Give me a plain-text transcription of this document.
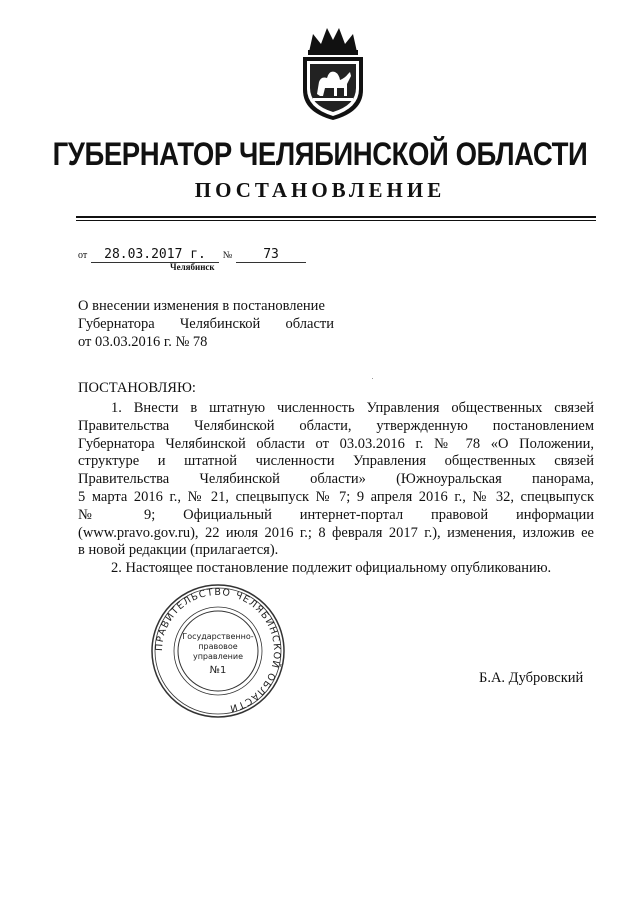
ГУБЕРНАТОР ЧЕЛЯБИНСКОЙ ОБЛАСТИ
ПОСТАНОВЛЕНИЕ
от 28.03.2017 г. № 73
Челябинск
О внесении изменения в постановление
Губернатора Челябинской области
от 03.03.2016 г. № 78
ПОСТАНОВЛЯЮ:
1. Внести в штатную численность Управления общественных связей
Правительства Челябинской области, утвержденную постановлением
Губернатора Челябинской области от 03.03.2016 г. № 78 «О Положении,
структуре и штатной численности Управления общественных связей
Правительства Челябинской области» (Южноуральская панорама,
5 марта 2016 г., № 21, спецвыпуск № 7; 9 апреля 2016 г., № 32, спецвыпуск
№ 9; Официальный интернет-портал правовой информации
(www.pravo.gov.ru), 22 июля 2016 г.; 8 февраля 2017 г.), изменения, изложив ее
в новой редакции (прилагается).
2. Настоящее постановление подлежит официальному опубликованию.
ПРАВИТЕЛЬСТВО ЧЕЛЯБИНСКОЙ ОБЛАСТИ
Государственно-
правовое
управление
№1	Б.А. Дубровский
